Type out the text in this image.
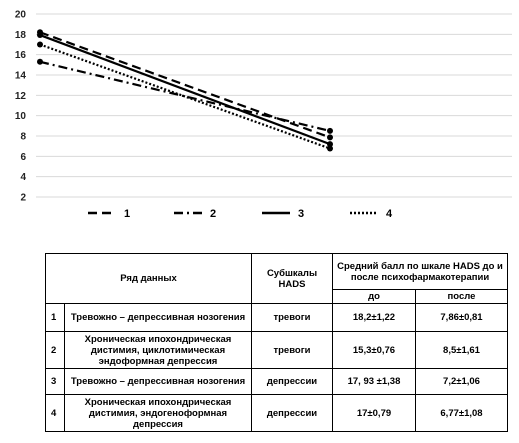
2
4
6
8
10
12
14
16
18
20
1	2	3	4
Ряд данных		Субшкалы HADS	Средний балл по шкале HADS до и после психофармакотерапии	
			до	после
1	Тревожно – депрессивная нозогения	тревоги	18,2±1,22	7,86±0,81
2	Хроническая ипохондрическая дистимия, циклотимическая эндоформная депрессия	тревоги	15,3±0,76	8,5±1,61
3	Тревожно – депрессивная нозогения	депрессии	17, 93 ±1,38	7,2±1,06
4	Хроническая ипохондрическая дистимия, эндогеноформная депрессия	депрессии	17±0,79	6,77±1,08
